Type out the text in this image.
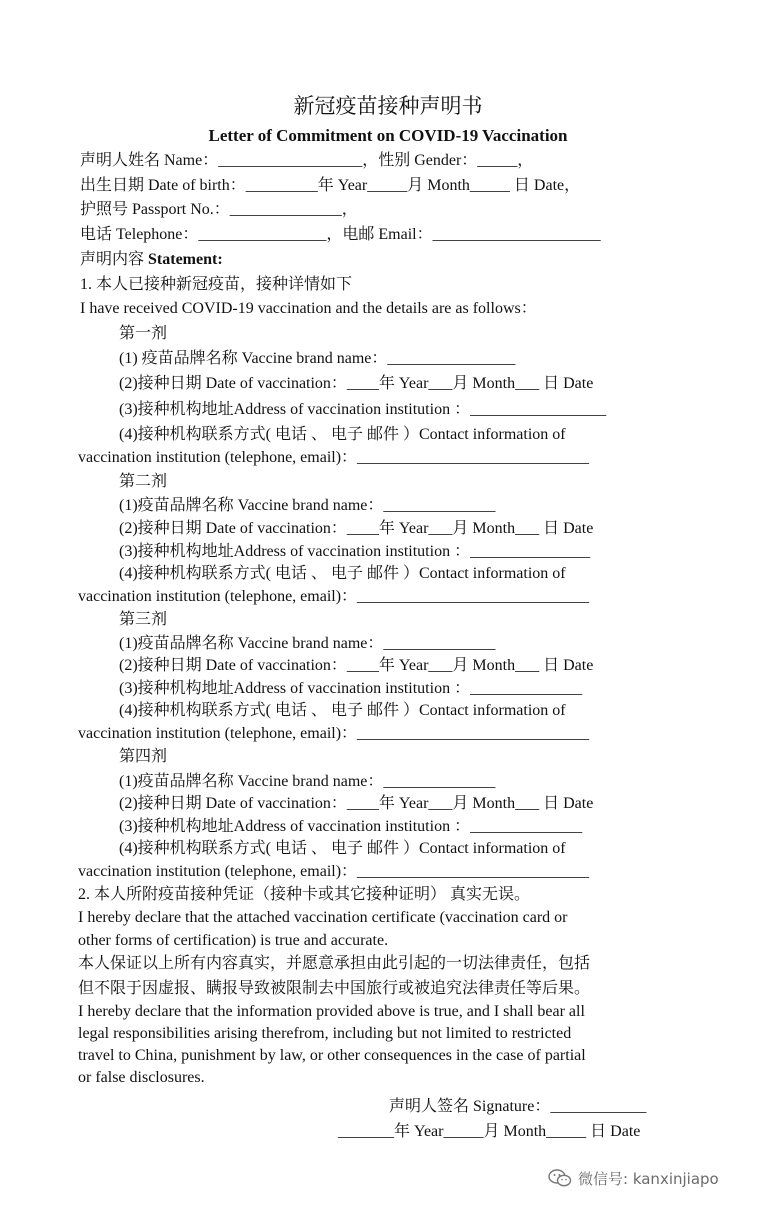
新冠疫苗接种声明书
Letter of Commitment on COVID-19 Vaccination
声明人姓名 Name：__________________，性别 Gender：_____，
出生日期 Date of birth：_________年 Year_____月 Month_____ 日 Date，
护照号 Passport No.：______________，
电话 Telephone：________________，电邮 Email：_____________________
声明内容 Statement:
1. 本人已接种新冠疫苗，接种详情如下
I have received COVID-19 vaccination and the details are as follows：
第一剂
(1) 疫苗品牌名称 Vaccine brand name：________________
(2)接种日期 Date of vaccination：____年 Year___月 Month___ 日 Date
(3)接种机构地址Address of vaccination institution ：_________________
(4)接种机构联系方式( 电话 、 电子 邮件 ）Contact information of
vaccination institution (telephone, email)：_____________________________
第二剂
(1)疫苗品牌名称 Vaccine brand name：______________
(2)接种日期 Date of vaccination：____年 Year___月 Month___ 日 Date
(3)接种机构地址Address of vaccination institution ：_______________
(4)接种机构联系方式( 电话 、 电子 邮件 ）Contact information of
vaccination institution (telephone, email)：_____________________________
第三剂
(1)疫苗品牌名称 Vaccine brand name：______________
(2)接种日期 Date of vaccination：____年 Year___月 Month___ 日 Date
(3)接种机构地址Address of vaccination institution ：______________
(4)接种机构联系方式( 电话 、 电子 邮件 ）Contact information of
vaccination institution (telephone, email)：_____________________________
第四剂
(1)疫苗品牌名称 Vaccine brand name：______________
(2)接种日期 Date of vaccination：____年 Year___月 Month___ 日 Date
(3)接种机构地址Address of vaccination institution ：______________
(4)接种机构联系方式( 电话 、 电子 邮件 ）Contact information of
vaccination institution (telephone, email)：_____________________________
2. 本人所附疫苗接种凭证（接种卡或其它接种证明） 真实无误。
I hereby declare that the attached vaccination certificate (vaccination card or
other forms of certification) is true and accurate.
本人保证以上所有内容真实，并愿意承担由此引起的一切法律责任，包括
但不限于因虚报、瞒报导致被限制去中国旅行或被追究法律责任等后果。
I hereby declare that the information provided above is true, and I shall bear all
legal responsibilities arising therefrom, including but not limited to restricted
travel to China, punishment by law, or other consequences in the case of partial
or false disclosures.
声明人签名 Signature：____________
_______年 Year_____月 Month_____ 日 Date
微信号: kanxinjiapo
